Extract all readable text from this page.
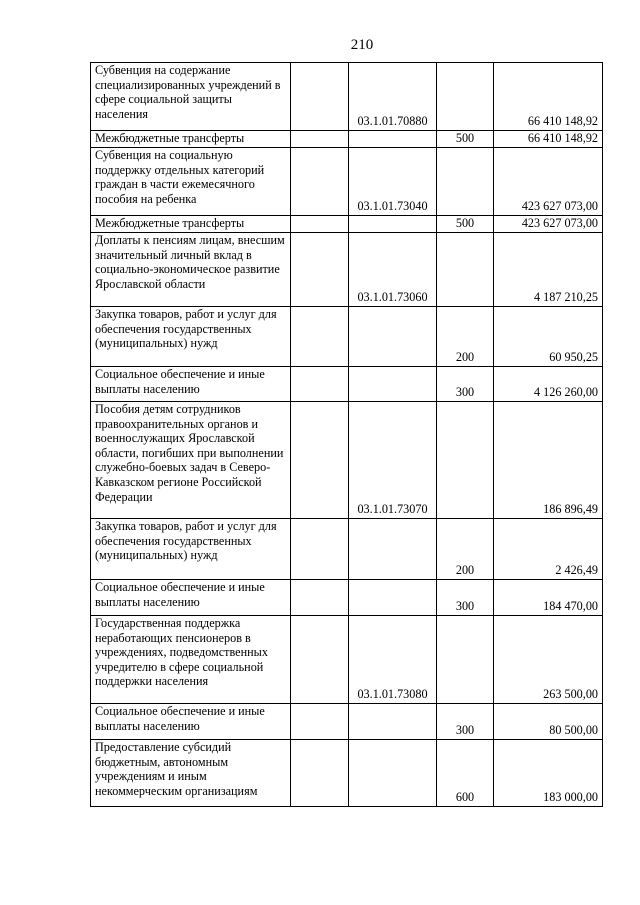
210
Субвенция на содержание специализированных учреждений в сфере социальной защиты населения		03.1.01.70880		66 410 148,92
Межбюджетные трансферты			500	66 410 148,92
Субвенция на социальную поддержку отдельных категорий граждан в части ежемесячного пособия на ребенка		03.1.01.73040		423 627 073,00
Межбюджетные трансферты			500	423 627 073,00
Доплаты к пенсиям лицам, внесшим значительный личный вклад в социально-экономическое развитие Ярославской области		03.1.01.73060		4 187 210,25
Закупка товаров, работ и услуг для обеспечения государственных (муниципальных) нужд			200	60 950,25
Социальное обеспечение и иные выплаты населению			300	4 126 260,00
Пособия детям сотрудников правоохранительных органов и военнослужащих Ярославской области, погибших при выполнении служебно-боевых задач в Северо-Кавказском регионе Российской Федерации		03.1.01.73070		186 896,49
Закупка товаров, работ и услуг для обеспечения государственных (муниципальных) нужд			200	2 426,49
Социальное обеспечение и иные выплаты населению			300	184 470,00
Государственная поддержка неработающих пенсионеров в учреждениях, подведомственных учредителю в сфере социальной поддержки населения		03.1.01.73080		263 500,00
Социальное обеспечение и иные выплаты населению			300	80 500,00
Предоставление субсидий бюджетным, автономным учреждениям и иным некоммерческим организациям			600	183 000,00
